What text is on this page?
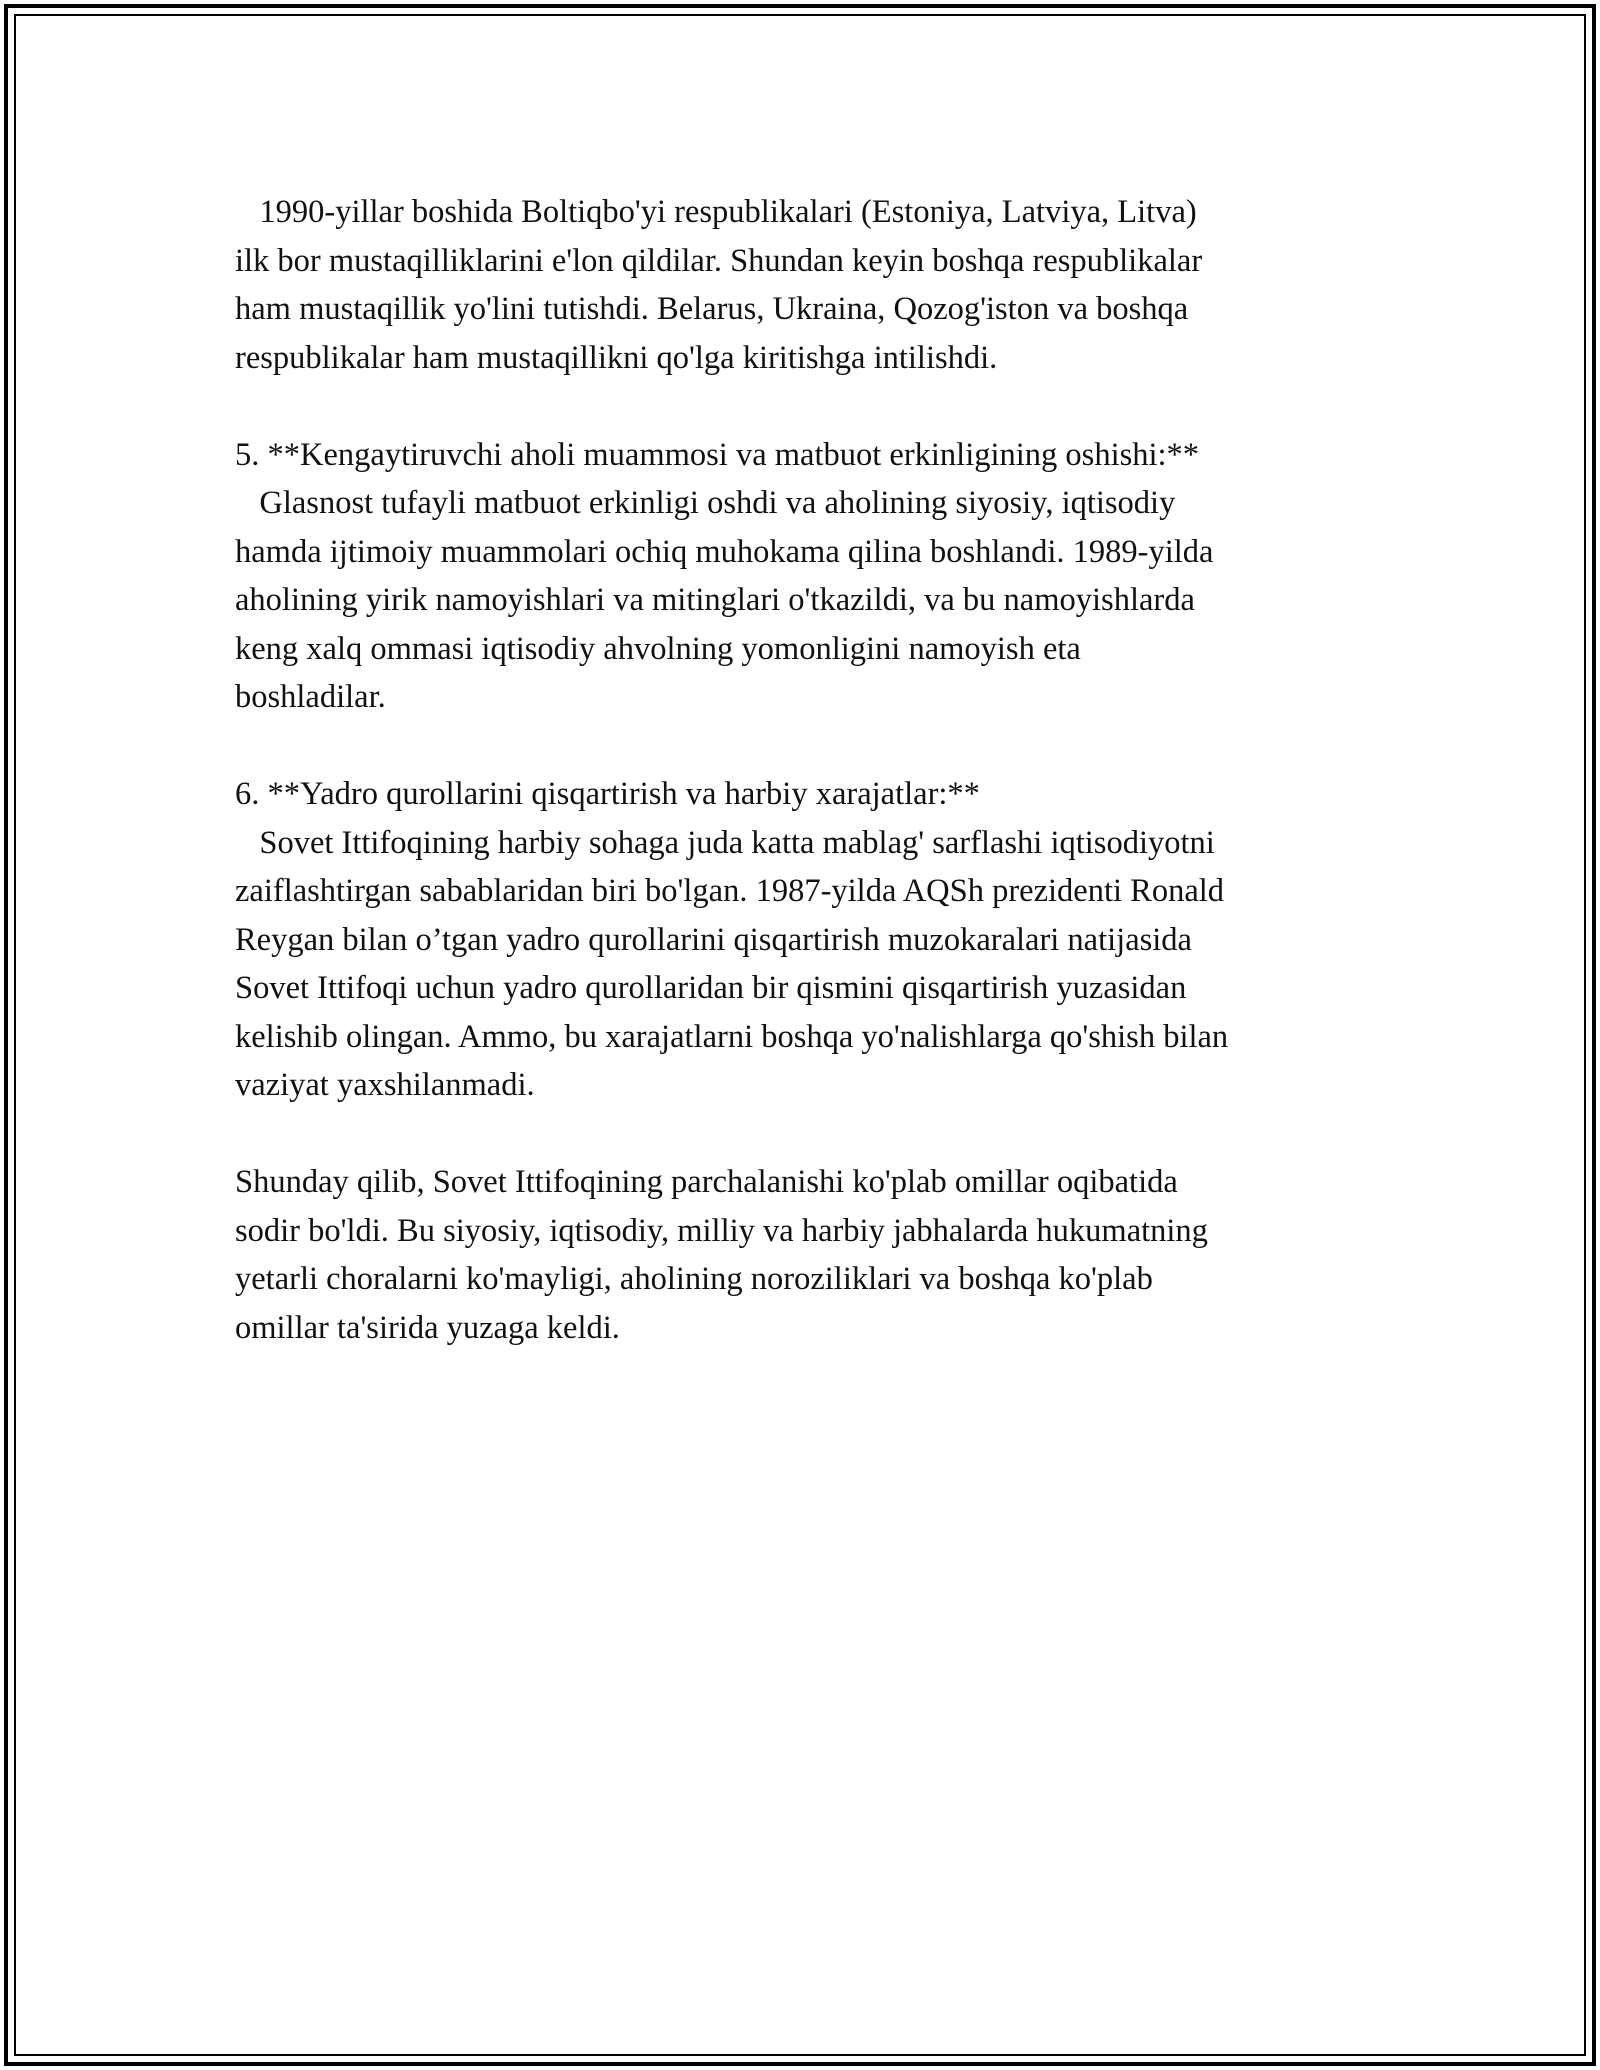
1990-yillar boshida Boltiqbo'yi respublikalari (Estoniya, Latviya, Litva)
ilk bor mustaqilliklarini e'lon qildilar. Shundan keyin boshqa respublikalar
ham mustaqillik yo'lini tutishdi. Belarus, Ukraina, Qozog'iston va boshqa
respublikalar ham mustaqillikni qo'lga kiritishga intilishdi.
5. **Kengaytiruvchi aholi muammosi va matbuot erkinligining oshishi:**
Glasnost tufayli matbuot erkinligi oshdi va aholining siyosiy, iqtisodiy
hamda ijtimoiy muammolari ochiq muhokama qilina boshlandi. 1989-yilda
aholining yirik namoyishlari va mitinglari o'tkazildi, va bu namoyishlarda
keng xalq ommasi iqtisodiy ahvolning yomonligini namoyish eta
boshladilar.
6. **Yadro qurollarini qisqartirish va harbiy xarajatlar:**
Sovet Ittifoqining harbiy sohaga juda katta mablag' sarflashi iqtisodiyotni
zaiflashtirgan sabablaridan biri bo'lgan. 1987-yilda AQSh prezidenti Ronald
Reygan bilan o’tgan yadro qurollarini qisqartirish muzokaralari natijasida
Sovet Ittifoqi uchun yadro qurollaridan bir qismini qisqartirish yuzasidan
kelishib olingan. Ammo, bu xarajatlarni boshqa yo'nalishlarga qo'shish bilan
vaziyat yaxshilanmadi.
Shunday qilib, Sovet Ittifoqining parchalanishi ko'plab omillar oqibatida
sodir bo'ldi. Bu siyosiy, iqtisodiy, milliy va harbiy jabhalarda hukumatning
yetarli choralarni ko'mayligi, aholining noroziliklari va boshqa ko'plab
omillar ta'sirida yuzaga keldi.
